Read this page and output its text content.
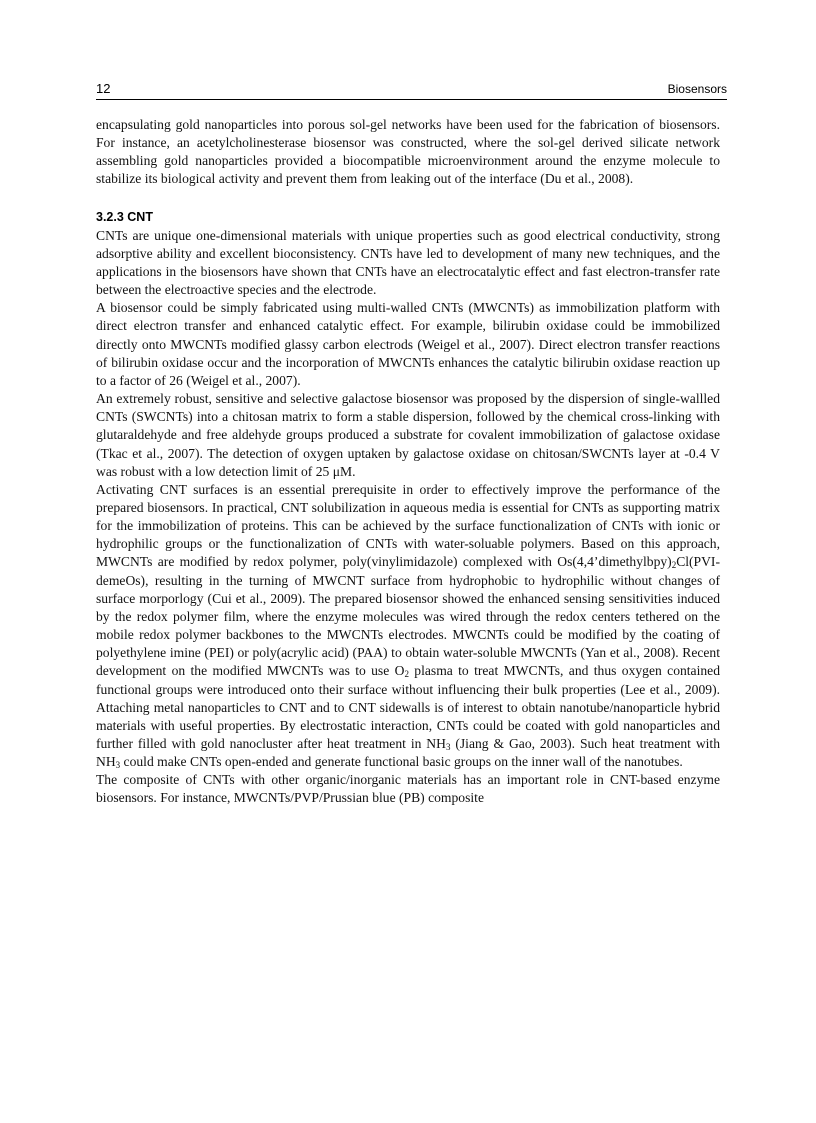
12	Biosensors

encapsulating gold nanoparticles into porous sol-gel networks have been used for the fabrication of biosensors. For instance, an acetylcholinesterase biosensor was constructed, where the sol-gel derived silicate network assembling gold nanoparticles provided a biocompatible microenvironment around the enzyme molecule to stabilize its biological activity and prevent them from leaking out of the interface (Du et al., 2008).

3.2.3 CNT

CNTs are unique one-dimensional materials with unique properties such as good electrical conductivity, strong adsorptive ability and excellent bioconsistency. CNTs have led to development of many new techniques, and the applications in the biosensors have shown that CNTs have an electrocatalytic effect and fast electron-transfer rate between the electroactive species and the electrode.

A biosensor could be simply fabricated using multi-walled CNTs (MWCNTs) as immobilization platform with direct electron transfer and enhanced catalytic effect. For example, bilirubin oxidase could be immobilized directly onto MWCNTs modified glassy carbon electrods (Weigel et al., 2007). Direct electron transfer reactions of bilirubin oxidase occur and the incorporation of MWCNTs enhances the catalytic bilirubin oxidase reaction up to a factor of 26 (Weigel et al., 2007).

An extremely robust, sensitive and selective galactose biosensor was proposed by the dispersion of single-wallled CNTs (SWCNTs) into a chitosan matrix to form a stable dispersion, followed by the chemical cross-linking with glutaraldehyde and free aldehyde groups produced a substrate for covalent immobilization of galactose oxidase (Tkac et al., 2007). The detection of oxygen uptaken by galactose oxidase on chitosan/SWCNTs layer at -0.4 V was robust with a low detection limit of 25 μM.

Activating CNT surfaces is an essential prerequisite in order to effectively improve the performance of the prepared biosensors. In practical, CNT solubilization in aqueous media is essential for CNTs as supporting matrix for the immobilization of proteins. This can be achieved by the surface functionalization of CNTs with ionic or hydrophilic groups or the functionalization of CNTs with water-soluable polymers. Based on this approach, MWCNTs are modified by redox polymer, poly(vinylimidazole) complexed with $Os(4,4’dimethylbpy)_2Cl(PVI-demeOs)$, resulting in the turning of MWCNT surface from hydrophobic to hydrophilic without changes of surface morporlogy (Cui et al., 2009). The prepared biosensor showed the enhanced sensing sensitivities induced by the redox polymer film, where the enzyme molecules was wired through the redox centers tethered on the mobile redox polymer backbones to the MWCNTs electrodes. MWCNTs could be modified by the coating of polyethylene imine (PEI) or poly(acrylic acid) (PAA) to obtain water-soluble MWCNTs (Yan et al., 2008). Recent development on the modified MWCNTs was to use $O_2$ plasma to treat MWCNTs, and thus oxygen contained functional groups were introduced onto their surface without influencing their bulk properties (Lee et al., 2009). Attaching metal nanoparticles to CNT and to CNT sidewalls is of interest to obtain nanotube/nanoparticle hybrid materials with useful properties. By electrostatic interaction, CNTs could be coated with gold nanoparticles and further filled with gold nanocluster after heat treatment in $NH_3$ (Jiang & Gao, 2003). Such heat treatment with $NH_3$ could make CNTs open-ended and generate functional basic groups on the inner wall of the nanotubes.

The composite of CNTs with other organic/inorganic materials has an important role in CNT-based enzyme biosensors. For instance, MWCNTs/PVP/Prussian blue (PB) composite
